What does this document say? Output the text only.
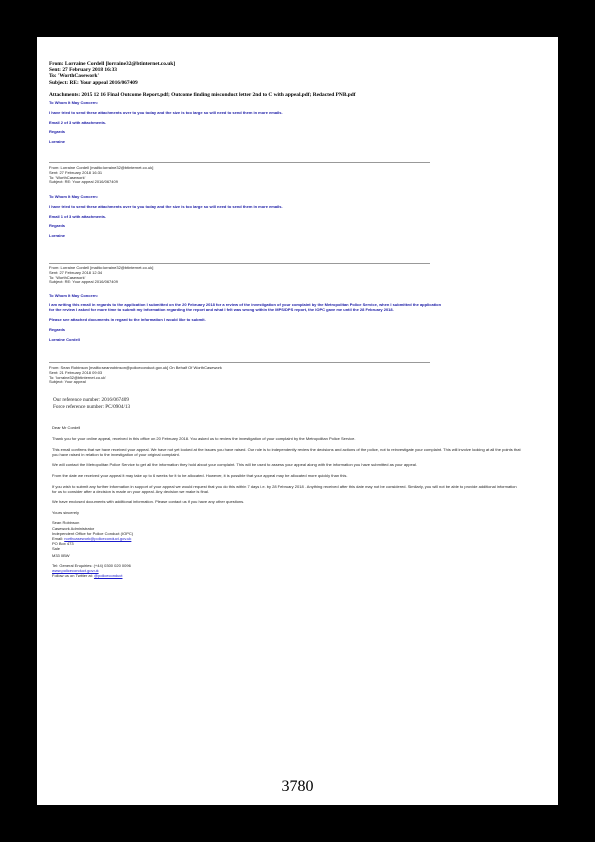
From: Lorraine Cordell [lorraine32@btinternet.co.uk]
Sent: 27 February 2018 16:33
To: 'WorthCasework'
Subject: RE: Your appeal 2016/067409
Attachments: 2015 12 16 Final Outcome Report.pdf; Outcome finding misconduct letter 2nd to C with appeal.pdf; Redacted PNB.pdf
To Whom It May Concern:
I have tried to send these attachments over to you today and the size is too large so will need to send them in more emails.
Email 2 of 3 with attachments.
Regards
Lorraine
From: Lorraine Cordell [mailto:lorraine32@btinternet.co.uk]
Sent: 27 February 2018 16:31
To: 'WorthCasework'
Subject: RE: Your appeal 2016/067409
To Whom It May Concern:
I have tried to send these attachments over to you today and the size is too large so will need to send them in more emails.
Email 1 of 3 with attachments.
Regards
Lorraine
From: Lorraine Cordell [mailto:lorraine32@btinternet.co.uk]
Sent: 27 February 2018 12:34
To: 'WorthCasework'
Subject: RE: Your appeal 2016/067409
To Whom It May Concern:
I am writing this email in regards to the application I submitted on the 20 February 2018 for a review of the investigation of your complaint by the Metropolitan Police Service, when I submitted the application for the review I asked for more time to submit my information regarding the report and what I felt was wrong within the MPS/DPS report, the IOPC gave me until the 28 February 2018.
Please see attached documents in regard to the information I would like to submit.
Regards
Lorraine Cordell
From: Sean Robinson [mailto:seanrobinson@policeconduct.gov.uk] On Behalf Of WorthCasework
Sent: 21 February 2018 09:03
To: 'lorraine32@btinternet.co.uk'
Subject: Your appeal
Our reference number: 2016/067409
Force reference number: PC/0904/13

Dear Mr Cordell

Thank you for your online appeal, received in this office on 20 February 2018. You asked us to review the investigation of your complaint by the Metropolitan Police Service.

This email confirms that we have received your appeal. We have not yet looked at the issues you have raised. Our role is to independently review the decisions and actions of the police, not to reinvestigate your complaint. This will involve looking at all the points that you have raised in relation to the investigation of your original complaint.

We will contact the Metropolitan Police Service to get all the information they hold about your complaint. This will be used to assess your appeal along with the information you have submitted as your appeal.

From the date we received your appeal it may take up to 6 weeks for it to be allocated. However, it is possible that your appeal may be allocated more quickly than this.

If you wish to submit any further information in support of your appeal we would request that you do this within 7 days i.e. by 28 February 2018 . Anything received after this date may not be considered. Similarly, you will not be able to provide additional information for us to consider after a decision is made on your appeal. Any decision we make is final.

We have enclosed documents with additional information. Please contact us if you have any other questions.

Yours sincerely

Sean Robinson

Casework Administrator

Independent Office for Police Conduct (IOPC)

Email: northcasework@policeconduct.gov.uk

PO Box 473

Sale

M33 0BW

Tel: General Enquiries: (+44) 0300 020 0096

www.policeconduct.gov.uk

Follow us on Twitter at: @policeconduct

3780
